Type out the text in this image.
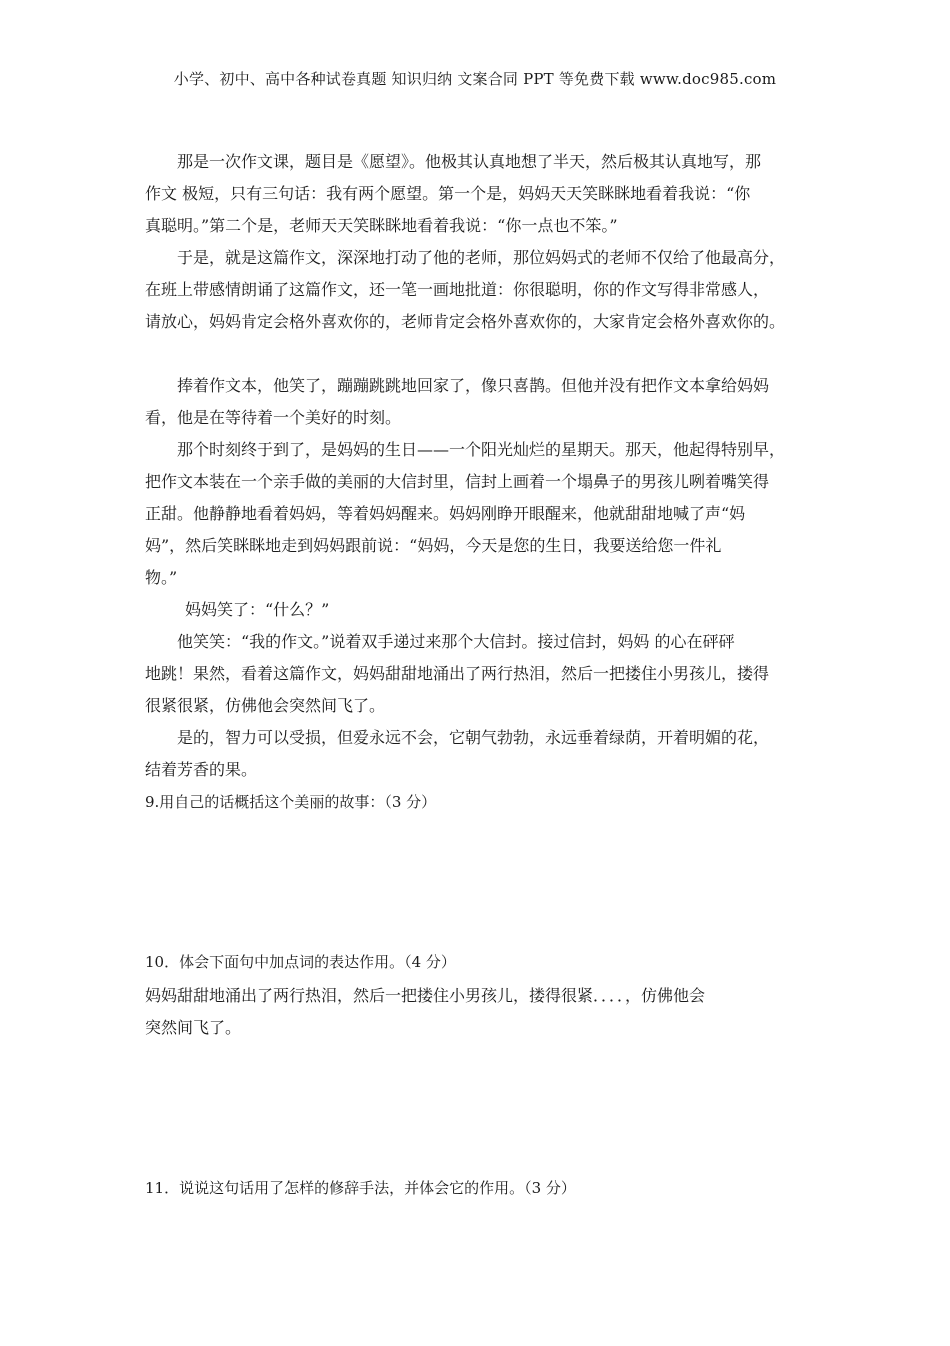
小学、初中、高中各种试卷真题 知识归纳 文案合同 PPT 等免费下载 www.doc985.com
那是一次作文课，题目是《愿望》。他极其认真地想了半天，然后极其认真地写，那
作文 极短，只有三句话：我有两个愿望。第一个是，妈妈天天笑眯眯地看着我说：“你
真聪明。”第二个是，老师天天笑眯眯地看着我说：“你一点也不笨。”
于是，就是这篇作文，深深地打动了他的老师，那位妈妈式的老师不仅给了他最高分，
在班上带感情朗诵了这篇作文，还一笔一画地批道：你很聪明，你的作文写得非常感人，
请放心，妈妈肯定会格外喜欢你的，老师肯定会格外喜欢你的，大家肯定会格外喜欢你的。
捧着作文本，他笑了，蹦蹦跳跳地回家了，像只喜鹊。但他并没有把作文本拿给妈妈
看，他是在等待着一个美好的时刻。
那个时刻终于到了，是妈妈的生日——一个阳光灿烂的星期天。那天，他起得特别早，
把作文本装在一个亲手做的美丽的大信封里，信封上画着一个塌鼻子的男孩儿咧着嘴笑得
正甜。他静静地看着妈妈，等着妈妈醒来。妈妈刚睁开眼醒来，他就甜甜地喊了声“妈
妈”，然后笑眯眯地走到妈妈跟前说：“妈妈，今天是您的生日，我要送给您一件礼
物。”
妈妈笑了：“什么？”
他笑笑：“我的作文。”说着双手递过来那个大信封。接过信封，妈妈 的心在砰砰
地跳！果然，看着这篇作文，妈妈甜甜地涌出了两行热泪，然后一把搂住小男孩儿，搂得
很紧很紧，仿佛他会突然间飞了。
是的，智力可以受损，但爱永远不会，它朝气勃勃，永远垂着绿荫，开着明媚的花，
结着芳香的果。
9.用自己的话概括这个美丽的故事：（3 分）
10．体会下面句中加点词的表达作用。（4 分）
妈妈甜甜地涌出了两行热泪，然后一把搂住小男孩儿，搂得很紧．．．．，仿佛他会
突然间飞了。
11．说说这句话用了怎样的修辞手法，并体会它的作用。（3 分）
